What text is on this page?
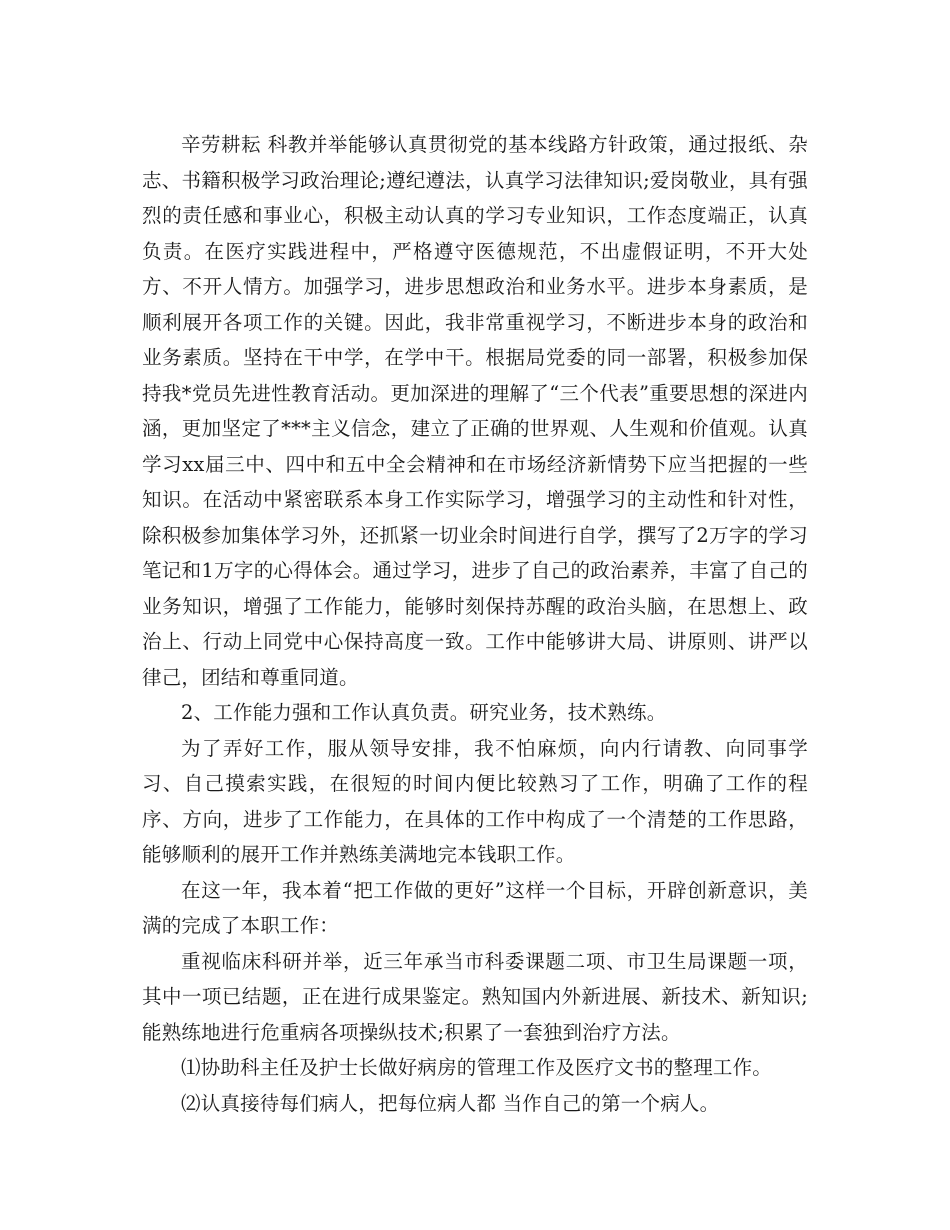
辛劳耕耘 科教并举能够认真贯彻党的基本线路方针政策，通过报纸、杂志、书籍积极学习政治理论;遵纪遵法，认真学习法律知识;爱岗敬业，具有强烈的责任感和事业心，积极主动认真的学习专业知识，工作态度端正，认真负责。在医疗实践进程中，严格遵守医德规范，不出虚假证明，不开大处方、不开人情方。加强学习，进步思想政治和业务水平。进步本身素质，是顺利展开各项工作的关键。因此，我非常重视学习，不断进步本身的政治和业务素质。坚持在干中学，在学中干。根据局党委的同一部署，积极参加保持我*党员先进性教育活动。更加深进的理解了“三个代表”重要思想的深进内涵，更加坚定了***主义信念，建立了正确的世界观、人生观和价值观。认真学习xx届三中、四中和五中全会精神和在市场经济新情势下应当把握的一些知识。在活动中紧密联系本身工作实际学习，增强学习的主动性和针对性，除积极参加集体学习外，还抓紧一切业余时间进行自学，撰写了2万字的学习笔记和1万字的心得体会。通过学习，进步了自己的政治素养，丰富了自己的业务知识，增强了工作能力，能够时刻保持苏醒的政治头脑，在思想上、政治上、行动上同党中心保持高度一致。工作中能够讲大局、讲原则、讲严以律己，团结和尊重同道。

2、工作能力强和工作认真负责。研究业务，技术熟练。

为了弄好工作，服从领导安排，我不怕麻烦，向内行请教、向同事学习、自己摸索实践，在很短的时间内便比较熟习了工作，明确了工作的程序、方向，进步了工作能力，在具体的工作中构成了一个清楚的工作思路，能够顺利的展开工作并熟练美满地完本钱职工作。

在这一年，我本着“把工作做的更好”这样一个目标，开辟创新意识，美满的完成了本职工作：

重视临床科研并举，近三年承当市科委课题二项、市卫生局课题一项，其中一项已结题，正在进行成果鉴定。熟知国内外新进展、新技术、新知识;能熟练地进行危重病各项操纵技术;积累了一套独到治疗方法。

⑴协助科主任及护士长做好病房的管理工作及医疗文书的整理工作。

⑵认真接待每们病人，把每位病人都 当作自己的第一个病人。
